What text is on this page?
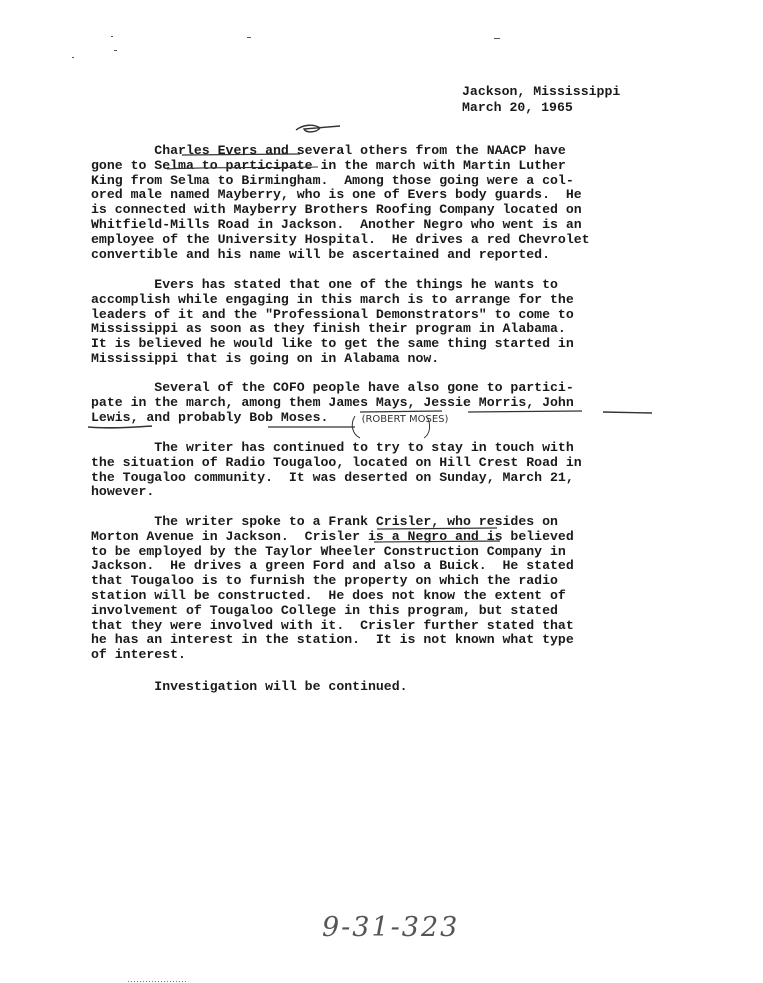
Jackson, Mississippi
March 20, 1965
Charles Evers and several others from the NAACP have
gone to Selma to participate in the march with Martin Luther
King from Selma to Birmingham.  Among those going were a col-
ored male named Mayberry, who is one of Evers body guards.  He
is connected with Mayberry Brothers Roofing Company located on
Whitfield-Mills Road in Jackson.  Another Negro who went is an
employee of the University Hospital.  He drives a red Chevrolet
convertible and his name will be ascertained and reported.
Evers has stated that one of the things he wants to
accomplish while engaging in this march is to arrange for the
leaders of it and the "Professional Demonstrators" to come to
Mississippi as soon as they finish their program in Alabama.
It is believed he would like to get the same thing started in
Mississippi that is going on in Alabama now.
Several of the COFO people have also gone to partici-
pate in the march, among them James Mays, Jessie Morris, John
Lewis, and probably Bob Moses.	(ROBERT MOSES)
The writer has continued to try to stay in touch with
the situation of Radio Tougaloo, located on Hill Crest Road in
the Tougaloo community.  It was deserted on Sunday, March 21,
however.
The writer spoke to a Frank Crisler, who resides on
Morton Avenue in Jackson.  Crisler is a Negro and is believed
to be employed by the Taylor Wheeler Construction Company in
Jackson.  He drives a green Ford and also a Buick.  He stated
that Tougaloo is to furnish the property on which the radio
station will be constructed.  He does not know the extent of
involvement of Tougaloo College in this program, but stated
that they were involved with it.  Crisler further stated that
he has an interest in the station.  It is not known what type
of interest.
Investigation will be continued.
9-31-323
